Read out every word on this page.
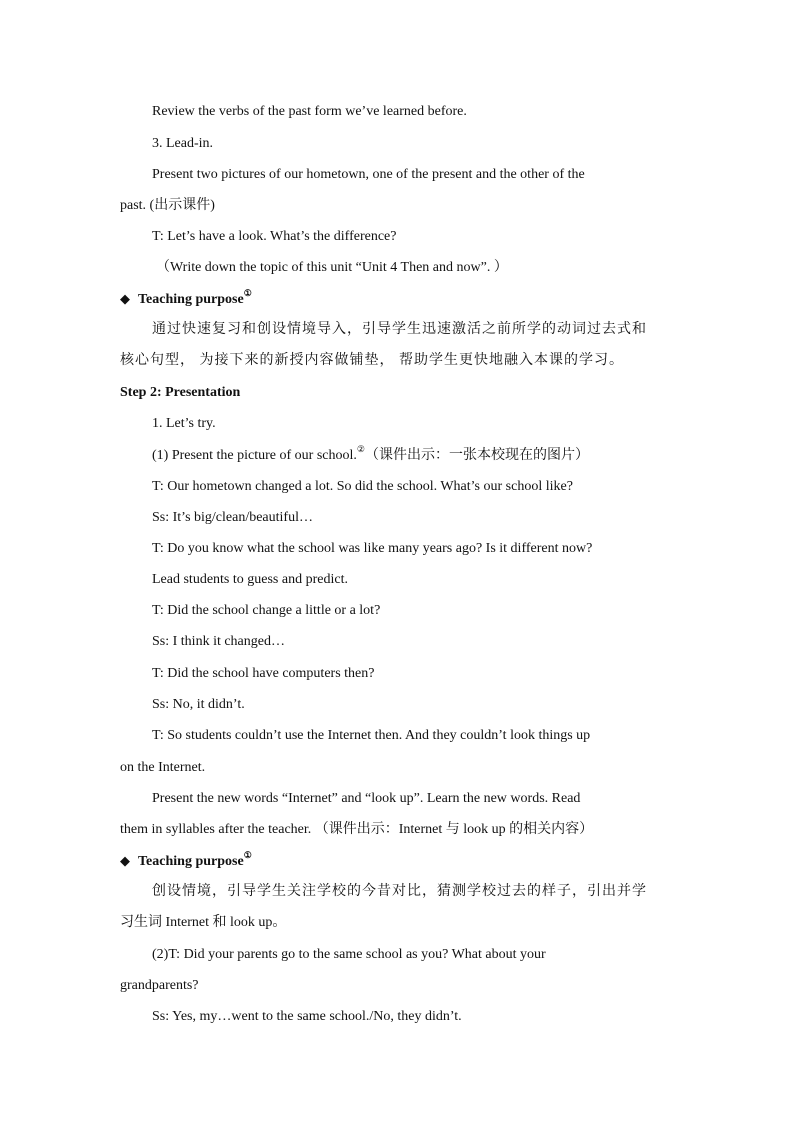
Review the verbs of the past form we’ve learned before.
3. Lead-in.
Present two pictures of our hometown, one of the present and the other of the
past. (出示课件)
T: Let’s have a look. What’s the difference?
（Write down the topic of this unit “Unit 4 Then and now”. ）
◆ Teaching purpose①
通过快速复习和创设情境导入，引导学生迅速激活之前所学的动词过去式和
核心句型， 为接下来的新授内容做铺垫， 帮助学生更快地融入本课的学习。
Step 2: Presentation
1. Let’s try.
(1) Present the picture of our school.②（课件出示：一张本校现在的图片）
T: Our hometown changed a lot. So did the school. What’s our school like?
Ss: It’s big/clean/beautiful…
T: Do you know what the school was like many years ago? Is it different now?
Lead students to guess and predict.
T: Did the school change a little or a lot?
Ss: I think it changed…
T: Did the school have computers then?
Ss: No, it didn’t.
T: So students couldn’t use the Internet then. And they couldn’t look things up
on the Internet.
Present the new words “Internet” and “look up”. Learn the new words. Read
them in syllables after the teacher. （课件出示：Internet 与 look up 的相关内容）
◆ Teaching purpose①
创设情境，引导学生关注学校的今昔对比，猜测学校过去的样子，引出并学
习生词 Internet 和 look up。
(2)T: Did your parents go to the same school as you? What about your
grandparents?
Ss: Yes, my…went to the same school./No, they didn’t.
